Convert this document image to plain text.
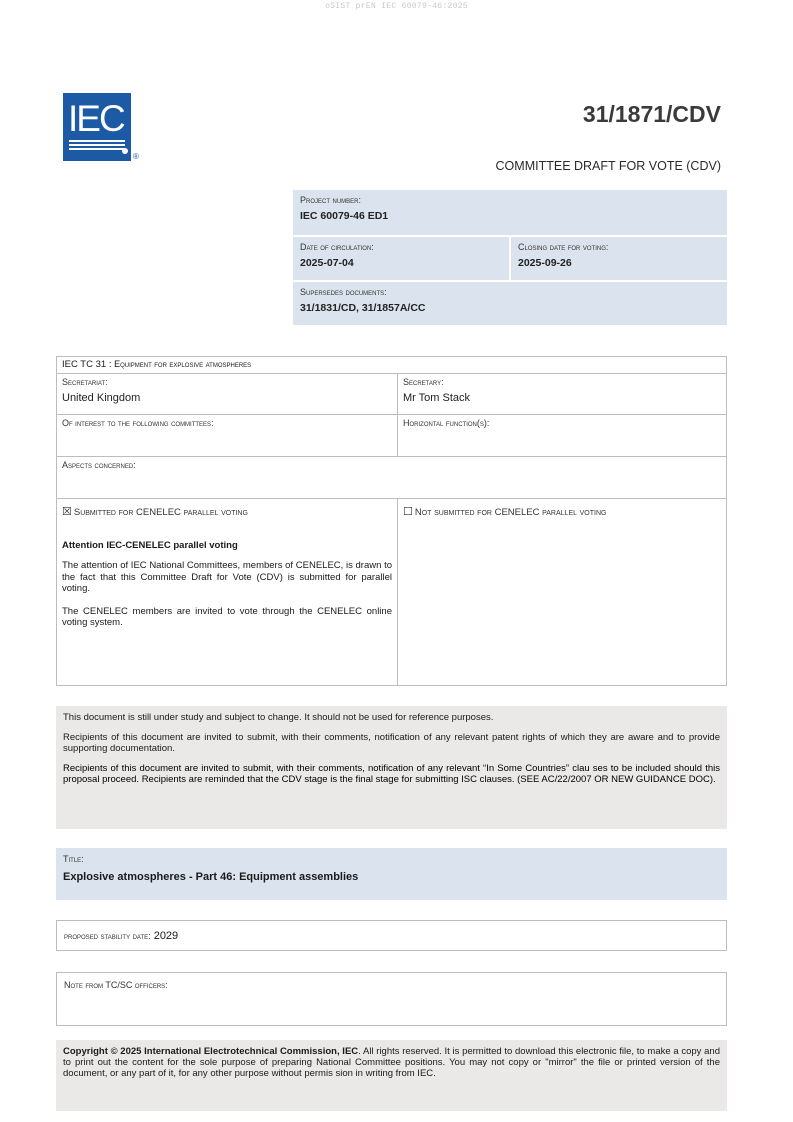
oSIST prEN IEC 60079-46:2025
IEC
®
31/1871/CDV
COMMITTEE DRAFT FOR VOTE (CDV)
Project number:
IEC 60079-46 ED1
Date of circulation:
2025-07-04
Closing date for voting:
2025-09-26
Supersedes documents:
31/1831/CD, 31/1857A/CC
IEC TC 31 : Equipment for explosive atmospheres
Secretariat:
United Kingdom
Secretary:
Mr Tom Stack
Of interest to the following committees:	Horizontal function(s):
Aspects concerned:
☒ Submitted for CENELEC parallel voting
Attention IEC-CENELEC parallel voting
The attention of IEC National Committees, members of CENELEC, is drawn to the fact that this Committee Draft for Vote (CDV) is submitted for parallel voting.
The CENELEC members are invited to vote through the CENELEC online voting system.
☐ Not submitted for CENELEC parallel voting

This document is still under study and subject to change. It should not be used for reference purposes.

Recipients of this document are invited to submit, with their comments, notification of any relevant patent rights of which they are aware and to provide supporting documentation.

Recipients of this document are invited to submit, with their comments, notification of any relevant “In Some Countries” clau ses to be included should this proposal proceed. Recipients are reminded that the CDV stage is the final stage for submitting ISC clauses. (SEE AC/22/2007 OR NEW GUIDANCE DOC).

Title:
Explosive atmospheres - Part 46: Equipment assemblies
proposed stability date: 2029
Note from TC/SC officers:
Copyright © 2025 International Electrotechnical Commission, IEC. All rights reserved. It is permitted to download this electronic file, to make a copy and to print out the content for the sole purpose of preparing National Committee positions. You may not copy or "mirror" the file or printed version of the document, or any part of it, for any other purpose without permis sion in writing from IEC.
